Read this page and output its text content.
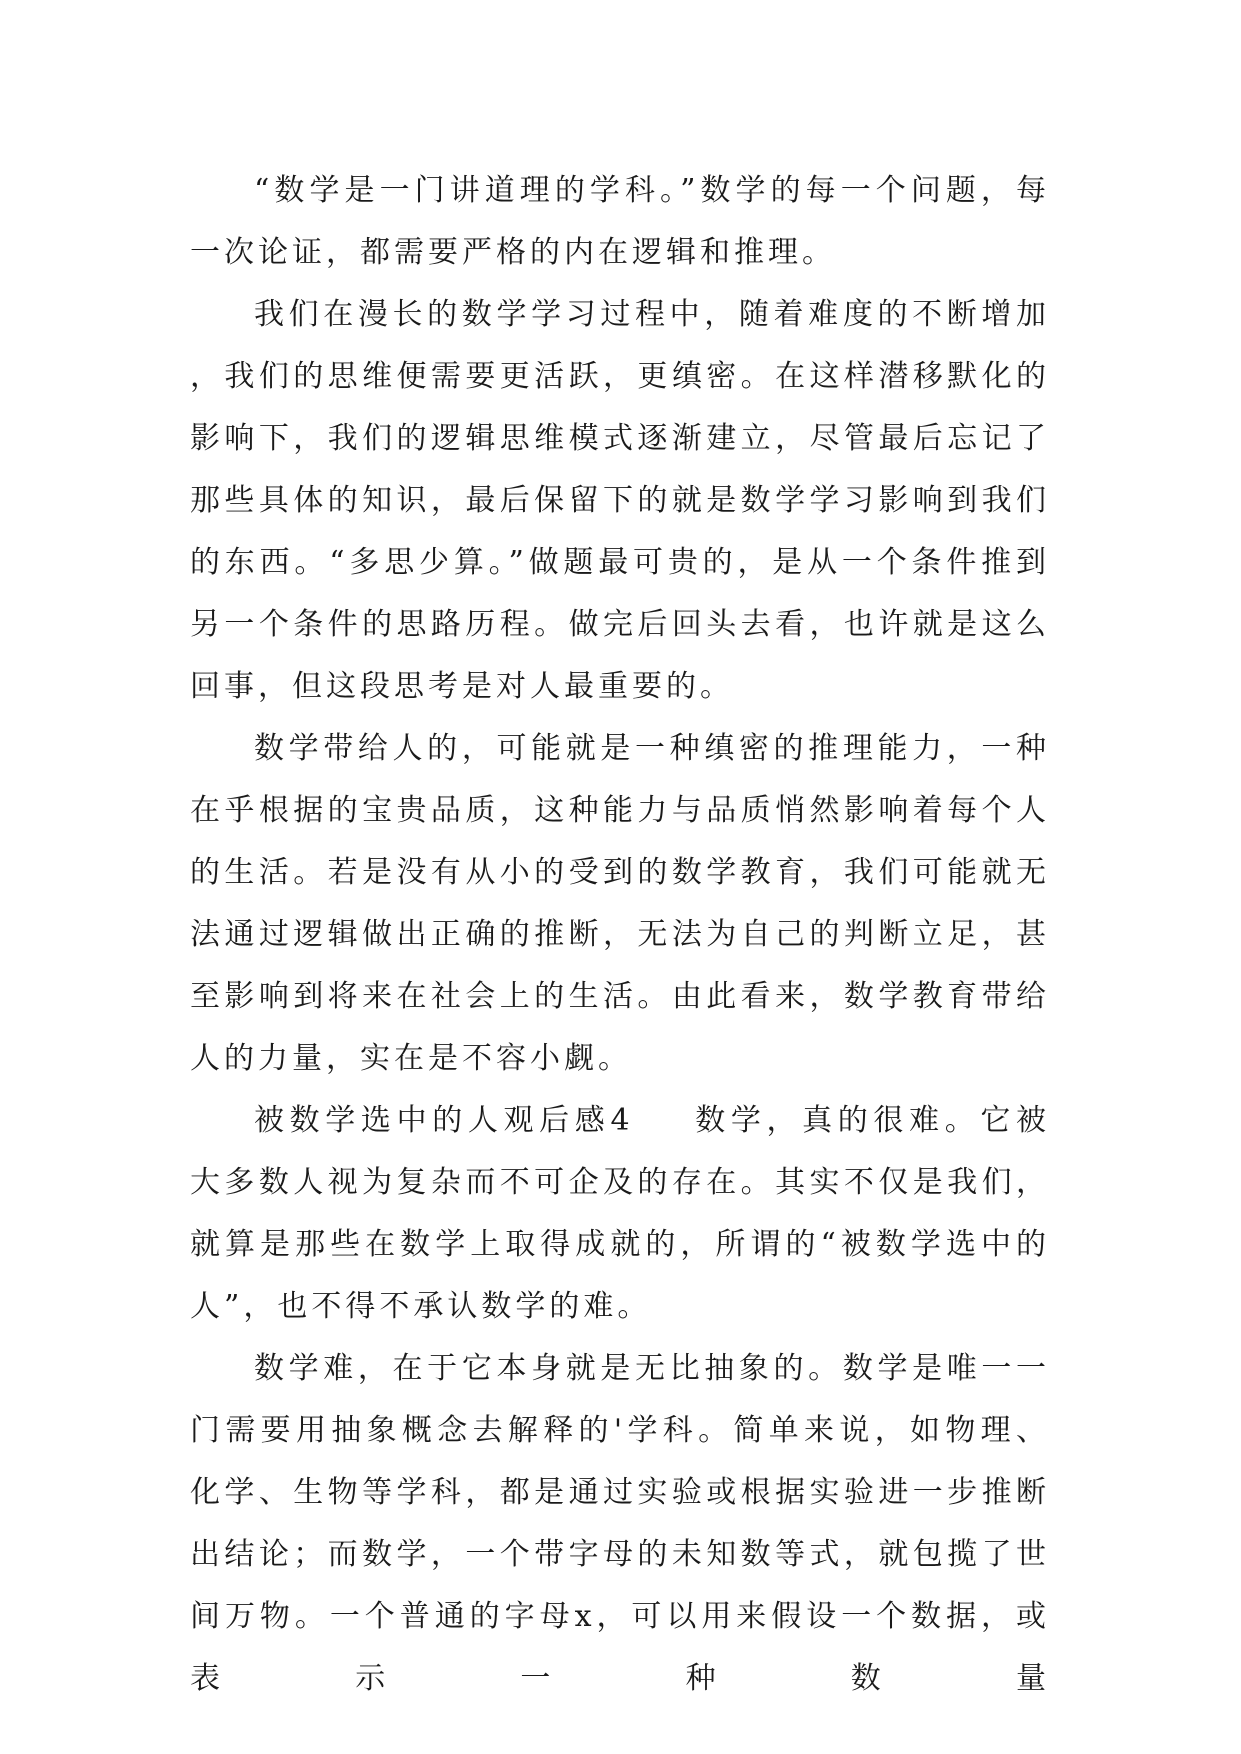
“数学是一门讲道理的学科。”数学的每一个问题，每一次论证，都需要严格的内在逻辑和推理。

我们在漫长的数学学习过程中，随着难度的不断增加，我们的思维便需要更活跃，更缜密。在这样潜移默化的影响下，我们的逻辑思维模式逐渐建立，尽管最后忘记了那些具体的知识，最后保留下的就是数学学习影响到我们的东西。“多思少算。”做题最可贵的，是从一个条件推到另一个条件的思路历程。做完后回头去看，也许就是这么回事，但这段思考是对人最重要的。

数学带给人的，可能就是一种缜密的推理能力，一种在乎根据的宝贵品质，这种能力与品质悄然影响着每个人的生活。若是没有从小的受到的数学教育，我们可能就无法通过逻辑做出正确的推断，无法为自己的判断立足，甚至影响到将来在社会上的生活。由此看来，数学教育带给人的力量，实在是不容小觑。

被数学选中的人观后感4 数学，真的很难。它被大多数人视为复杂而不可企及的存在。其实不仅是我们，就算是那些在数学上取得成就的，所谓的“被数学选中的人”，也不得不承认数学的难。

数学难，在于它本身就是无比抽象的。数学是唯一一门需要用抽象概念去解释的'学科。简单来说，如物理、化学、生物等学科，都是通过实验或根据实验进一步推断出结论；而数学，一个带字母的未知数等式，就包揽了世间万物。一个普通的字母x，可以用来假设一个数据，或表示一种数量
